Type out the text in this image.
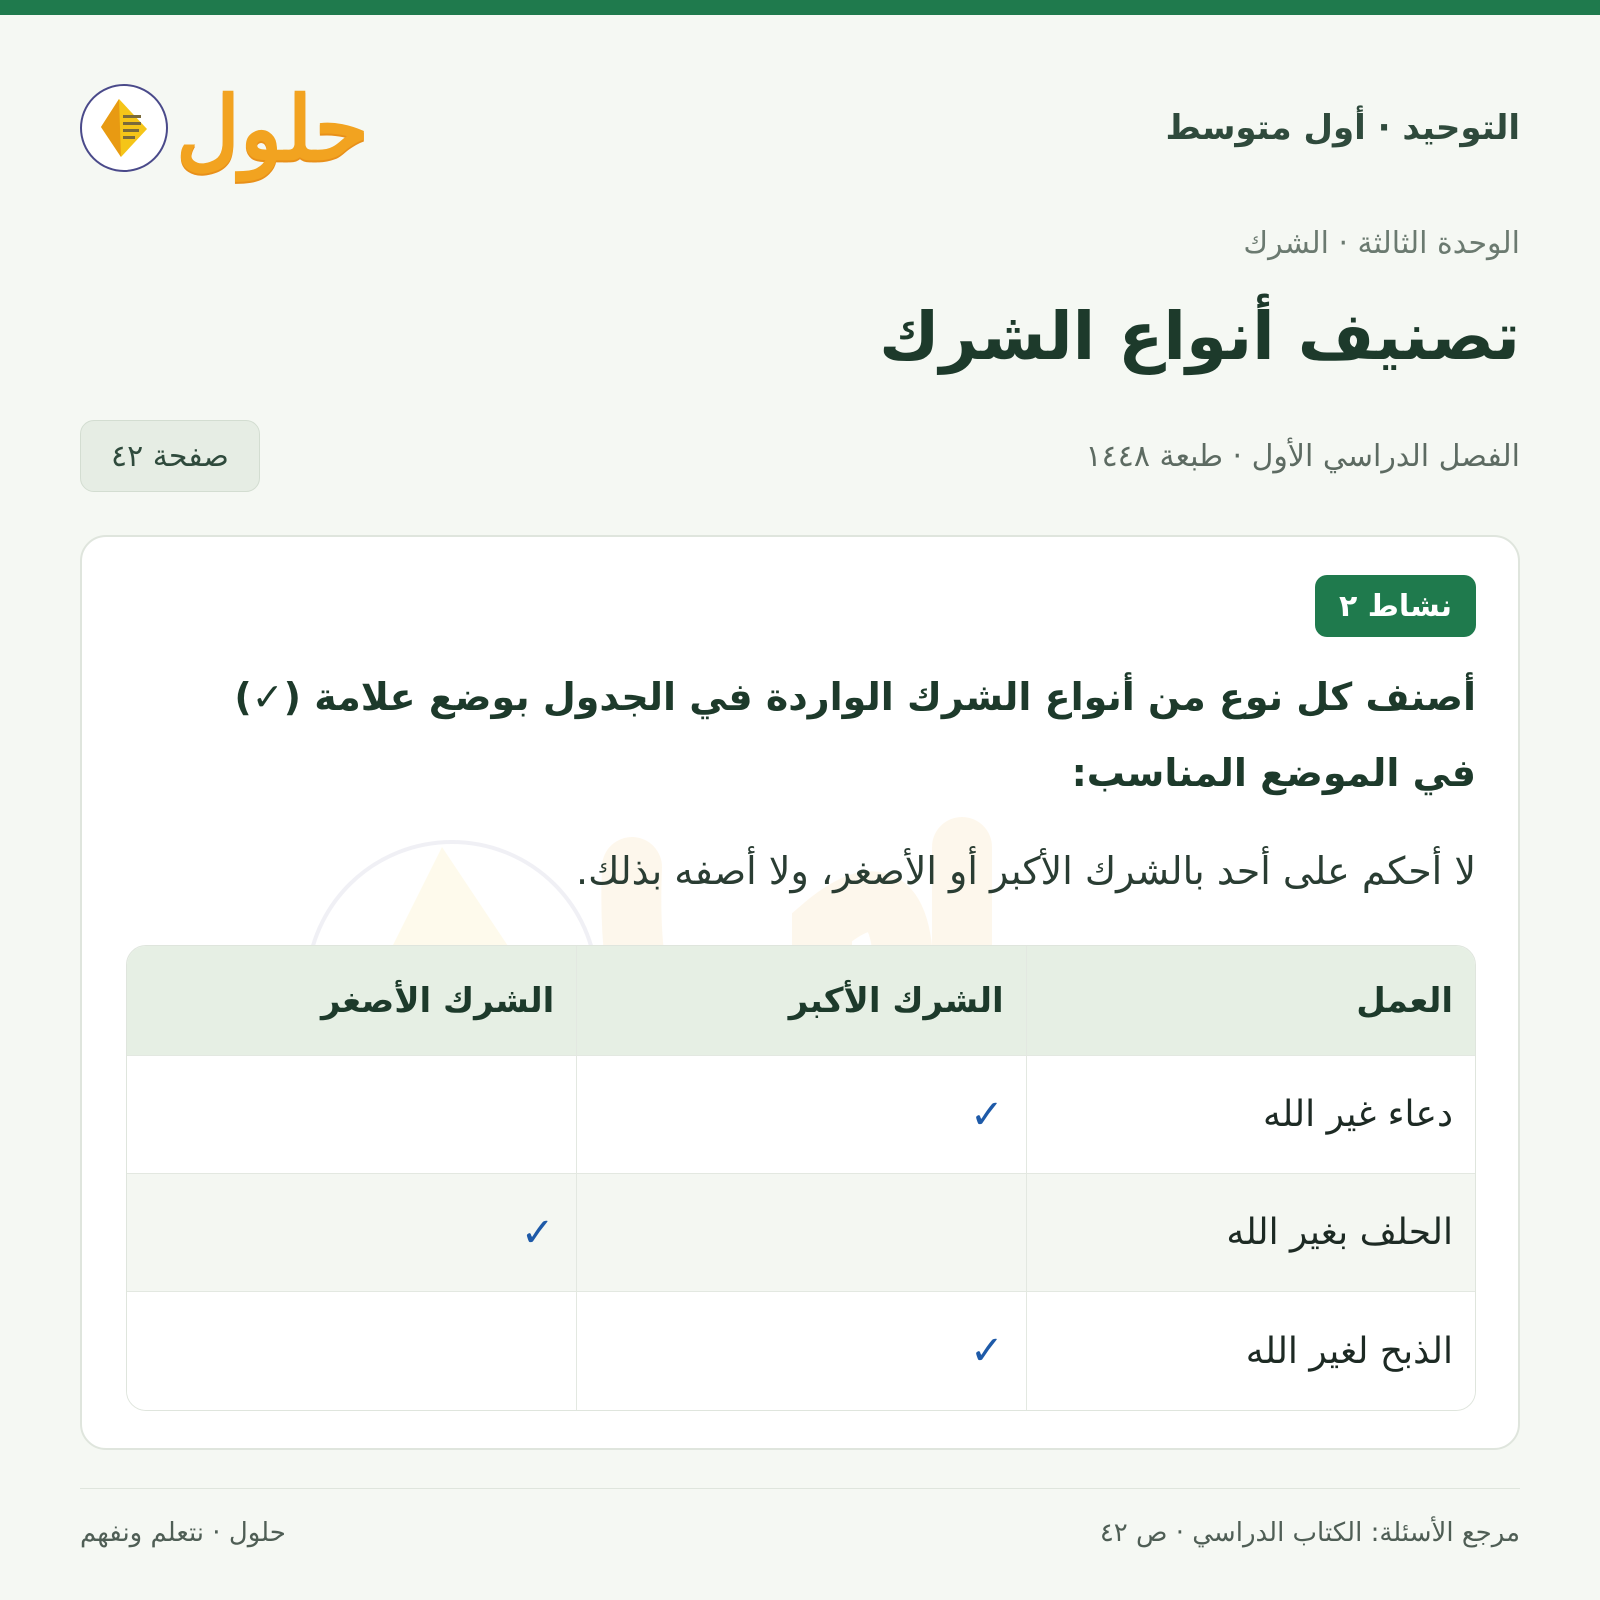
التوحيد · أول متوسط
حلول
الوحدة الثالثة · الشرك
تصنيف أنواع الشرك
الفصل الدراسي الأول · طبعة ١٤٤٨
صفحة ٤٢
نشاط ٢
أصنف كل نوع من أنواع الشرك الواردة في الجدول بوضع علامة (✓) في الموضع المناسب:
لا أحكم على أحد بالشرك الأكبر أو الأصغر، ولا أصفه بذلك.
العمل
الشرك الأكبر
الشرك الأصغر
دعاء غير الله
✓
الحلف بغير الله
✓
الذبح لغير الله
✓
مرجع الأسئلة: الكتاب الدراسي · ص ٤٢
حلول · نتعلم ونفهم
